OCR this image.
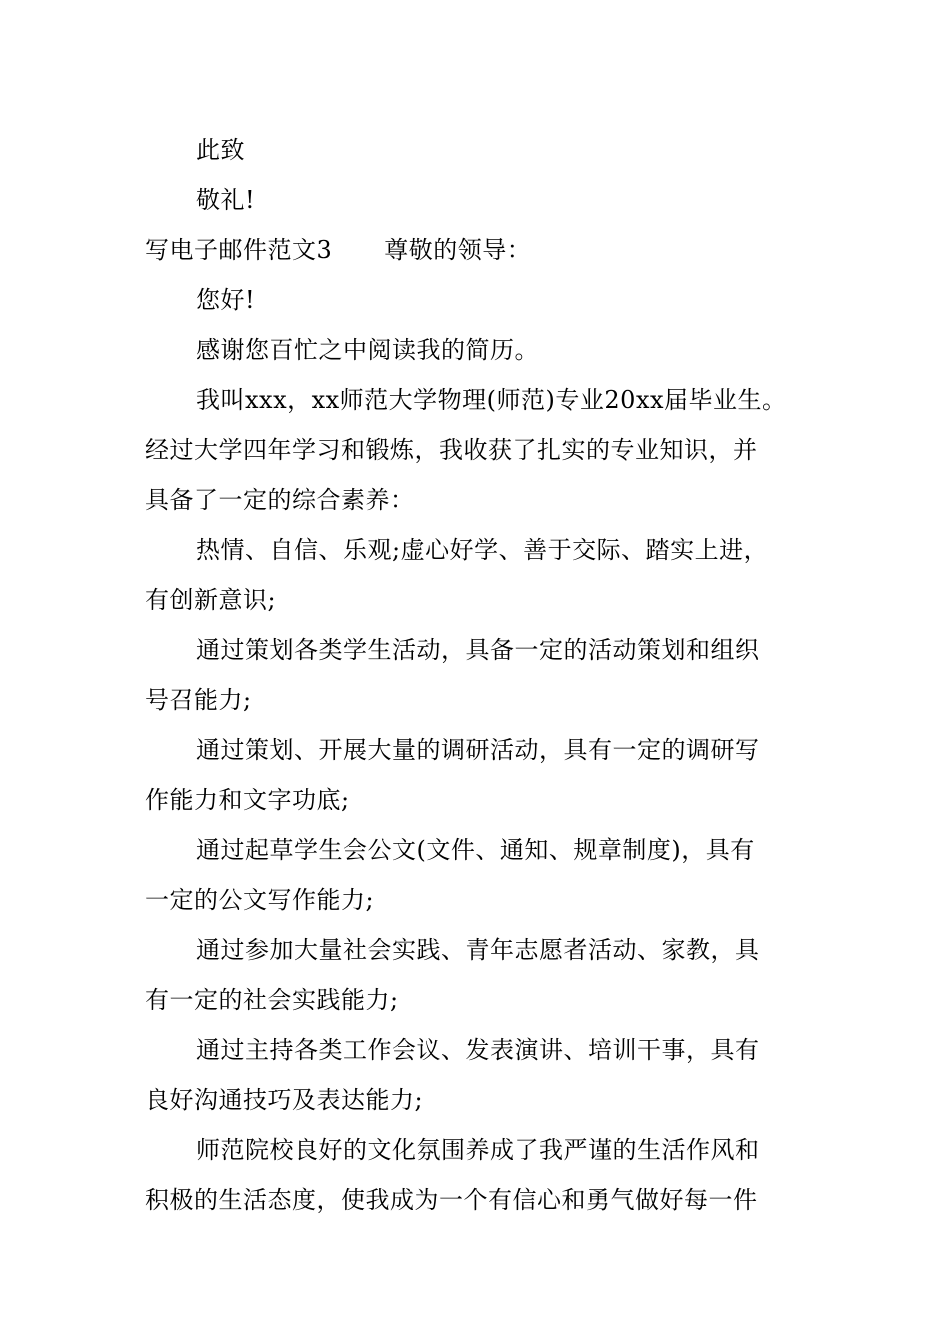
此致
敬礼!
写电子邮件范文3 尊敬的领导：
您好!
感谢您百忙之中阅读我的简历。
我叫xxx，xx师范大学物理(师范)专业20xx届毕业生。
经过大学四年学习和锻炼，我收获了扎实的专业知识，并
具备了一定的综合素养：
热情、自信、乐观;虚心好学、善于交际、踏实上进，
有创新意识;
通过策划各类学生活动，具备一定的活动策划和组织
号召能力;
通过策划、开展大量的调研活动，具有一定的调研写
作能力和文字功底;
通过起草学生会公文(文件、通知、规章制度)，具有
一定的公文写作能力;
通过参加大量社会实践、青年志愿者活动、家教，具
有一定的社会实践能力;
通过主持各类工作会议、发表演讲、培训干事，具有
良好沟通技巧及表达能力;
师范院校良好的文化氛围养成了我严谨的生活作风和
积极的生活态度，使我成为一个有信心和勇气做好每一件
